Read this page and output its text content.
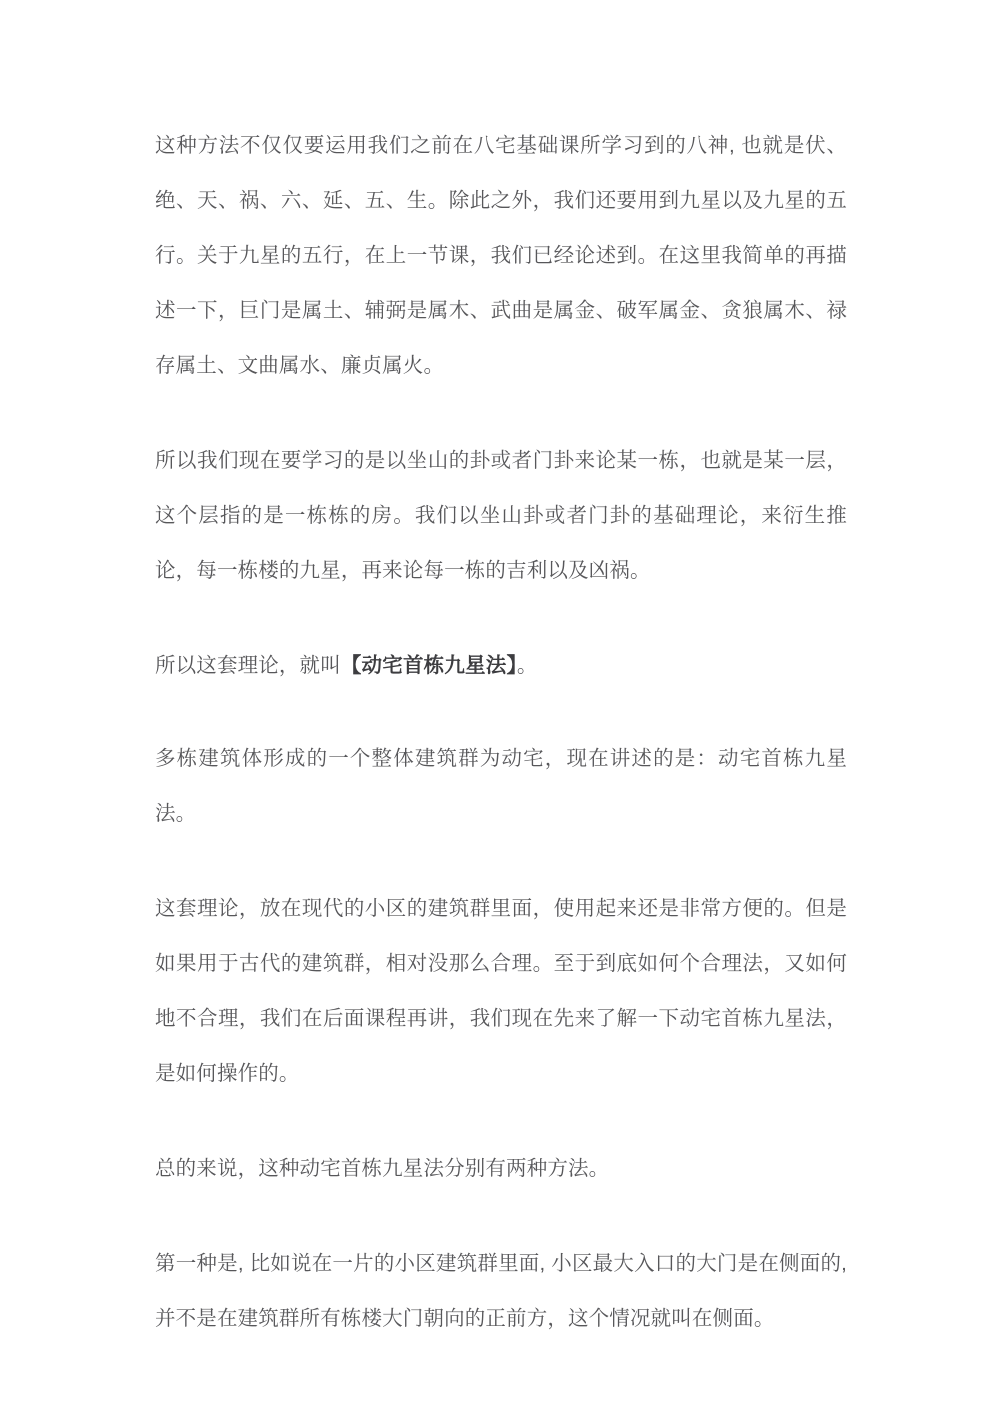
这种方法不仅仅要运用我们之前在八宅基础课所学习到的八神, 也就是伏、绝、天、祸、六、延、五、生。除此之外，我们还要用到九星以及九星的五行。关于九星的五行，在上一节课，我们已经论述到。在这里我简单的再描述一下，巨门是属土、辅弼是属木、武曲是属金、破军属金、贪狼属木、禄存属土、文曲属水、廉贞属火。

所以我们现在要学习的是以坐山的卦或者门卦来论某一栋，也就是某一层，这个层指的是一栋栋的房。我们以坐山卦或者门卦的基础理论，来衍生推论，每一栋楼的九星，再来论每一栋的吉利以及凶祸。

所以这套理论，就叫【动宅首栋九星法】。

多栋建筑体形成的一个整体建筑群为动宅，现在讲述的是：动宅首栋九星法。

这套理论，放在现代的小区的建筑群里面，使用起来还是非常方便的。但是如果用于古代的建筑群，相对没那么合理。至于到底如何个合理法，又如何地不合理，我们在后面课程再讲，我们现在先来了解一下动宅首栋九星法，是如何操作的。

总的来说，这种动宅首栋九星法分别有两种方法。

第一种是, 比如说在一片的小区建筑群里面, 小区最大入口的大门是在侧面的, 并不是在建筑群所有栋楼大门朝向的正前方，这个情况就叫在侧面。
